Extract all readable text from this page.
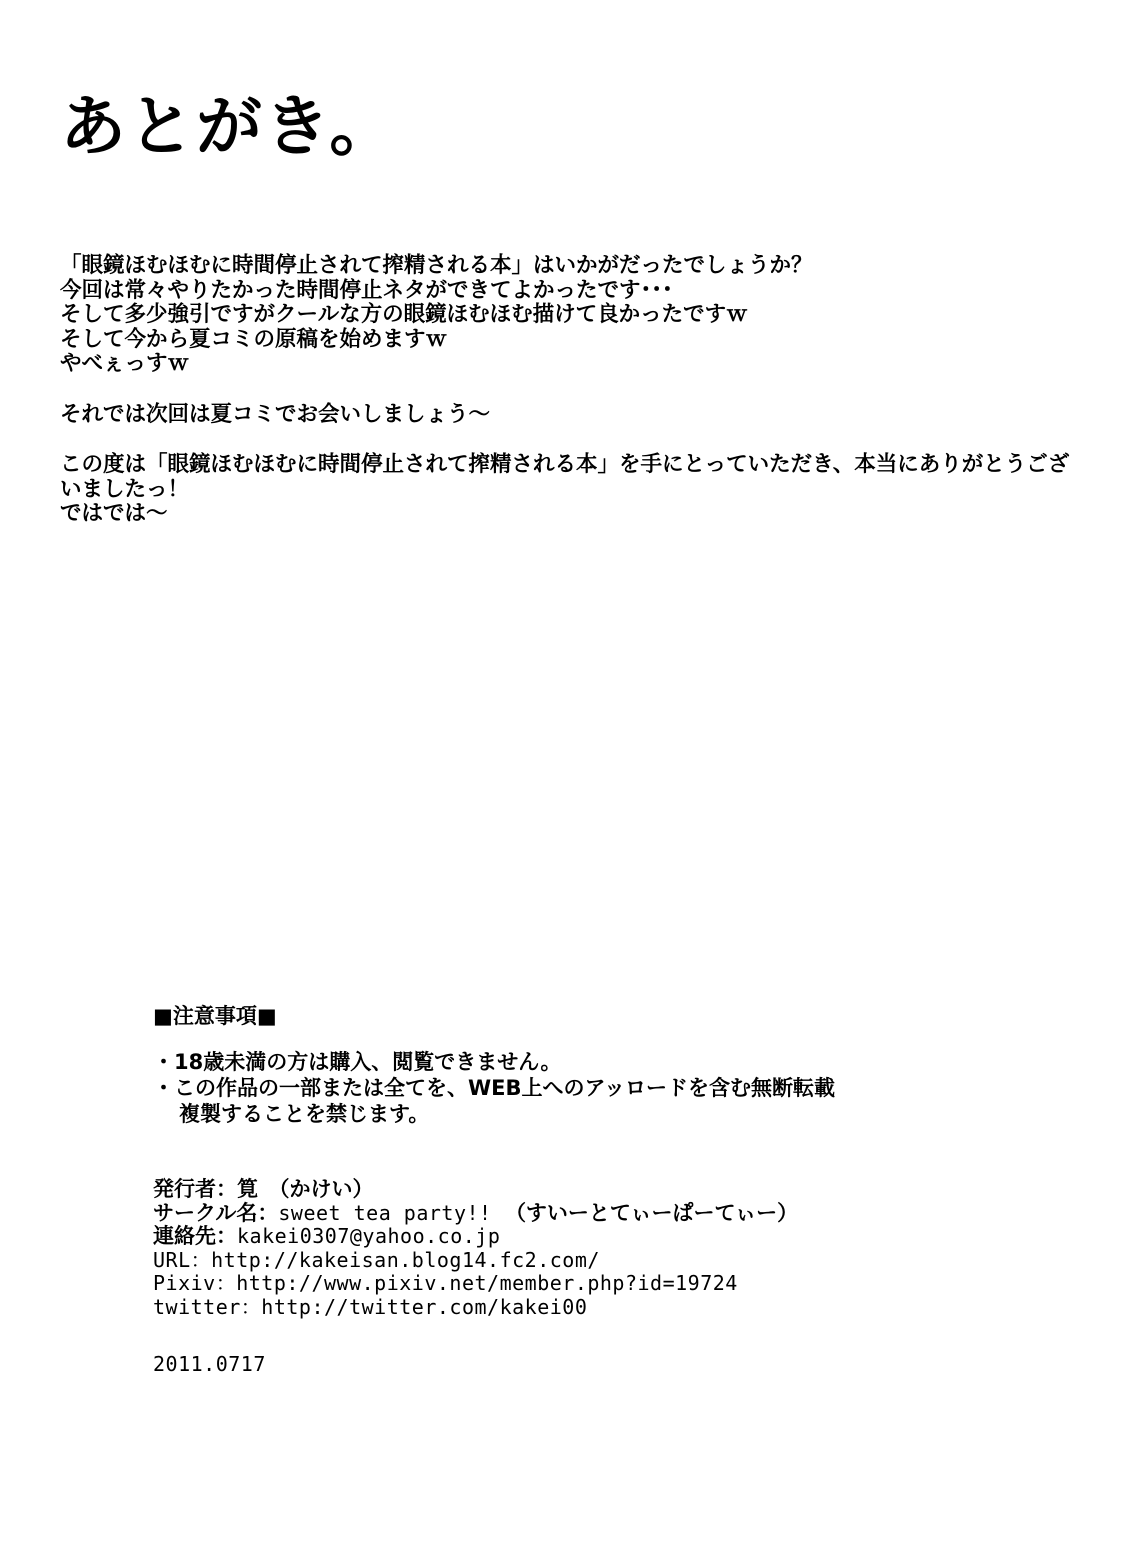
あとがき。
「眼鏡ほむほむに時間停止されて搾精される本」はいかがだったでしょうか？
今回は常々やりたかった時間停止ネタができてよかったです･･･
そして多少強引ですがクールな方の眼鏡ほむほむ描けて良かったですｗ
そして今から夏コミの原稿を始めますｗ
やべぇっすｗ
それでは次回は夏コミでお会いしましょう～
この度は「眼鏡ほむほむに時間停止されて搾精される本」を手にとっていただき、本当にありがとうございましたっ！
ではでは～
■注意事項■
・18歳未満の方は購入、閲覧できません。
・この作品の一部または全てを、WEB上へのアッロードを含む無断転載
複製することを禁じます。
発行者：筧　（かけい）
サークル名：sweet tea party!! （すいーとてぃーぱーてぃー）
連絡先：kakei0307@yahoo.co.jp
URL：http://kakeisan.blog14.fc2.com/
Pixiv：http://www.pixiv.net/member.php?id=19724
twitter：http://twitter.com/kakei00
2011.0717
